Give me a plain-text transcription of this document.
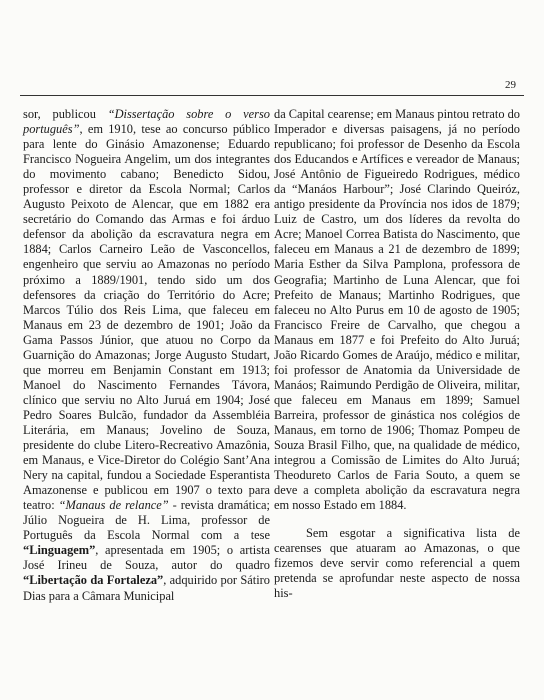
29

sor, publicou “Dissertação sobre o verso português”, em 1910, tese ao concurso público para lente do Ginásio Amazonense; Eduardo Francisco Nogueira Angelim, um dos integrantes do movimento cabano; Benedicto Sidou, professor e diretor da Escola Normal; Carlos Augusto Peixoto de Alencar, que em 1882 era secretário do Comando das Armas e foi árduo defensor da abolição da escravatura negra em 1884; Carlos Carneiro Leão de Vasconcellos, engenheiro que serviu ao Amazonas no período próximo a 1889/1901, tendo sido um dos defensores da criação do Território do Acre; Marcos Túlio dos Reis Lima, que faleceu em Manaus em 23 de dezembro de 1901; João da Gama Passos Júnior, que atuou no Corpo da Guarnição do Amazonas; Jorge Augusto Studart, que morreu em Benjamin Constant em 1913; Manoel do Nascimento Fernandes Távora, clínico que serviu no Alto Juruá em 1904; José Pedro Soares Bulcão, fundador da Assembléia Literária, em Manaus; Jovelino de Souza, presidente do clube Litero-Recreativo Amazônia, em Manaus, e Vice-Diretor do Colégio Sant’Ana Nery na capital, fundou a Sociedade Esperantista Amazonense e publicou em 1907 o texto para teatro: “Manaus de relance” - revista dramática; Júlio Nogueira de H. Lima, professor de Português da Escola Normal com a tese “Linguagem”, apresentada em 1905; o artista José Irineu de Souza, autor do quadro “Libertação da Fortaleza”, adquirido por Sátiro Dias para a Câmara Municipal

da Capital cearense; em Manaus pintou retrato do Imperador e diversas paisagens, já no período republicano; foi professor de Desenho da Escola dos Educandos e Artífices e vereador de Manaus; José Antônio de Figueiredo Rodrigues, médico da “Manáos Harbour”; José Clarindo Queiróz, antigo presidente da Província nos idos de 1879; Luiz de Castro, um dos líderes da revolta do Acre; Manoel Correa Batista do Nascimento, que faleceu em Manaus a 21 de dezembro de 1899; Maria Esther da Silva Pamplona, professora de Geografia; Martinho de Luna Alencar, que foi Prefeito de Manaus; Martinho Rodrigues, que faleceu no Alto Purus em 10 de agosto de 1905; Francisco Freire de Carvalho, que chegou a Manaus em 1877 e foi Prefeito do Alto Juruá; João Ricardo Gomes de Araújo, médico e militar, foi professor de Anatomia da Universidade de Manáos; Raimundo Perdigão de Oliveira, militar, que faleceu em Manaus em 1899; Samuel Barreira, professor de ginástica nos colégios de Manaus, em torno de 1906; Thomaz Pompeu de Souza Brasil Filho, que, na qualidade de médico, integrou a Comissão de Limites do Alto Juruá; Theodureto Carlos de Faria Souto, a quem se deve a completa abolição da escravatura negra em nosso Estado em 1884.

Sem esgotar a significativa lista de cearenses que atuaram ao Amazonas, o que fizemos deve servir como referencial a quem pretenda se aprofundar neste aspecto de nossa his-
